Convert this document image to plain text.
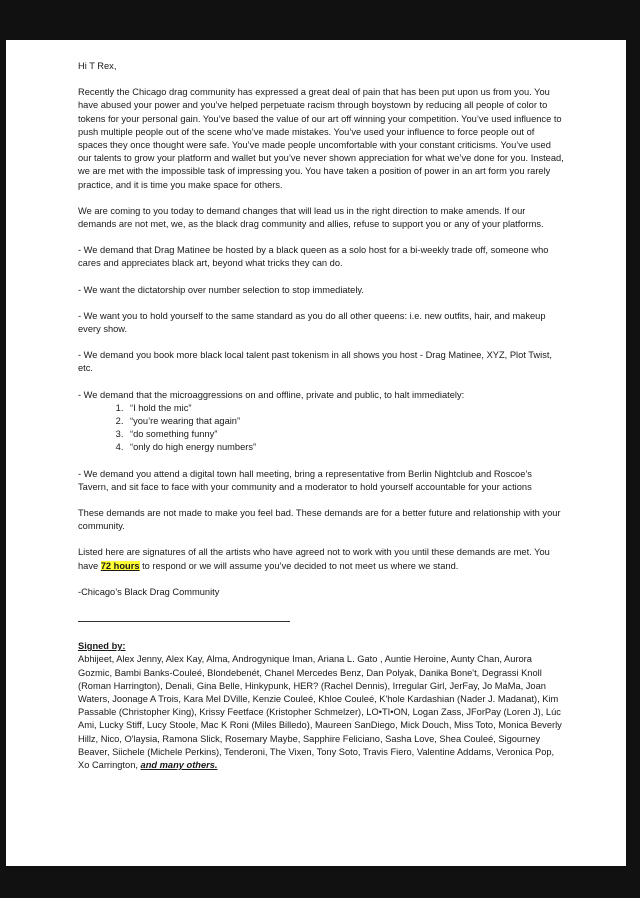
Hi T Rex,

Recently the Chicago drag community has expressed a great deal of pain that has been put upon us from you. You have abused your power and you’ve helped perpetuate racism through boystown by reducing all people of color to tokens for your personal gain. You’ve based the value of our art off winning your competition. You’ve used influence to push multiple people out of the scene who’ve made mistakes. You’ve used your influence to force people out of spaces they once thought were safe. You’ve made people uncomfortable with your constant criticisms. You’ve used our talents to grow your platform and wallet but you’ve never shown appreciation for what we’ve done for you. Instead, we are met with the impossible task of impressing you. You have taken a position of power in an art form you rarely practice, and it is time you make space for others.

We are coming to you today to demand changes that will lead us in the right direction to make amends. If our demands are not met, we, as the black drag community and allies, refuse to support you or any of your platforms.

- We demand that Drag Matinee be hosted by a black queen as a solo host for a bi-weekly trade off, someone who cares and appreciates black art, beyond what tricks they can do.

- We want the dictatorship over number selection to stop immediately.

- We want you to hold yourself to the same standard as you do all other queens: i.e. new outfits, hair, and makeup every show.

- We demand you book more black local talent past tokenism in all shows you host - Drag Matinee, XYZ, Plot Twist, etc.

- We demand that the microaggressions on and offline, private and public, to halt immediately:

1. “I hold the mic”
2. “you’re wearing that again”
3. “do something funny”
4. “only do high energy numbers”

- We demand you attend a digital town hall meeting, bring a representative from Berlin Nightclub and Roscoe’s Tavern, and sit face to face with your community and a moderator to hold yourself accountable for your actions

These demands are not made to make you feel bad. These demands are for a better future and relationship with your community.

Listed here are signatures of all the artists who have agreed not to work with you until these demands are met. You have 72 hours to respond or we will assume you’ve decided to not meet us where we stand.

-Chicago’s Black Drag Community

Signed by:
Abhijeet, Alex Jenny, Alex Kay, Alma, Androgynique Iman, Ariana L. Gato , Auntie Heroine, Aunty Chan, Aurora Gozmic, Bambi Banks-Couleé, Blondebenét, Chanel Mercedes Benz, Dan Polyak, Danika Bone't, Degrassi Knoll (Roman Harrington), Denali, Gina Belle, Hinkypunk, HER? (Rachel Dennis), Irregular Girl, JerFay, Jo MaMa, Joan Waters, Joonage A Trois, Kara Mel DVille, Kenzie Couleé, Khloe Couleé, K'hole Kardashian (Nader J. Madanat), Kim Passable (Christopher King), Krissy Feetface (Kristopher Schmelzer), LO•TI•ON, Logan Zass, JForPay (Loren J), Lúc Ami, Lucky Stiff, Lucy Stoole, Mac K Roni (Miles Billedo), Maureen SanDiego, Mick Douch, Miss Toto, Monica Beverly Hillz, Nico, O'laysia, Ramona Slick, Rosemary Maybe, Sapphire Feliciano, Sasha Love, Shea Couleé, Sigourney Beaver, Siichele (Michele Perkins), Tenderoni, The Vixen, Tony Soto, Travis Fiero, Valentine Addams, Veronica Pop, Xo Carrington, and many others.
